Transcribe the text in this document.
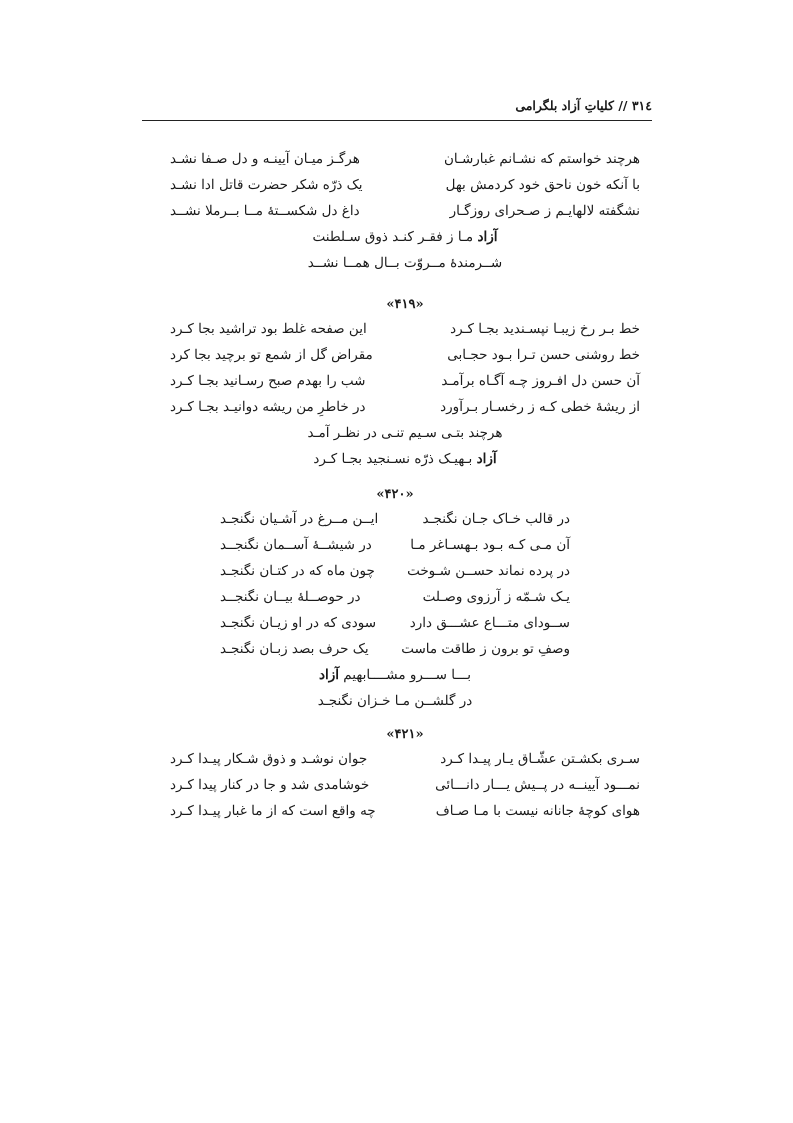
٣١٤ // كلياتِ آزاد بلگرامی
هرچند خواستم که نشـانم غبارشـان
هرگـز میـان آیینـه و دل صـفا نشـد
با آنکه خون ناحق خود کردمش بهل
یک ذرّه شکر حضرت قاتل ادا نشـد
نشگفته لالهایـم ز صـحرای روزگـار
داغ دل شکســتهٔ مــا بــرملا نشــد
آزاد مـا ز فقـر کنـد ذوق سـلطنت
شــرمندهٔ مــروّت بــال همــا نشــد
«۴۱۹»
خط بـر رخ زیبـا نپسـندید بجـا کـرد
این صفحه غلط بود تراشید بجا کـرد
خط روشنی حسن تـرا بـود حجـابی
مقراض گل از شمع تو برچید بجا کرد
آن حسن دل افـروز چـه آگـاه برآمـد
شب را بهدم صبح رسـانید بجـا کـرد
از ریشهٔ خطی کـه ز رخسـار بـرآورد
در خاطرِ من ریشه دوانیـد بجـا کـرد
هرچند بتـی سـیم تنـی در نظـر آمـد
آزاد بـهیـک ذرّه نسـنجید بجـا کـرد
«۴۲۰»
در قالب خـاک جـان نگنجـد
ایــن مــرغ در آشـیان نگنجـد
آن مـی کـه بـود بـهسـاغر مـا
در شیشــهٔ آســمان نگنجــد
در پرده نماند حســن شـوخت
چون ماه که در کتـان نگنجـد
یـک شـمّه ز آرزوی وصـلت
در حوصــلهٔ بیــان نگنجــد
ســودای متـــاع عشـــق دارد
سودی که در او زیـان نگنجـد
وصفِ تو برون ز طاقت ماست
یک حرف بصد زبـان نگنجـد
بـــا ســـرو مشــــابهیم آزاد
در گلشــن مـا خـزان نگنجـد
«۴۲۱»
سـری بکشـتن عشّـاق یـار پیـدا کـرد
جوان نوشـد و ذوق شـکار پیـدا کـرد
نمـــود آیینــه در پــیش یـــار دانـــائی
خوشامدی شد و جا در کنار پیدا کـرد
هوای کوچهٔ جانانه نیست با مـا صـاف
چه واقع است که از ما غبار پیـدا کـرد
